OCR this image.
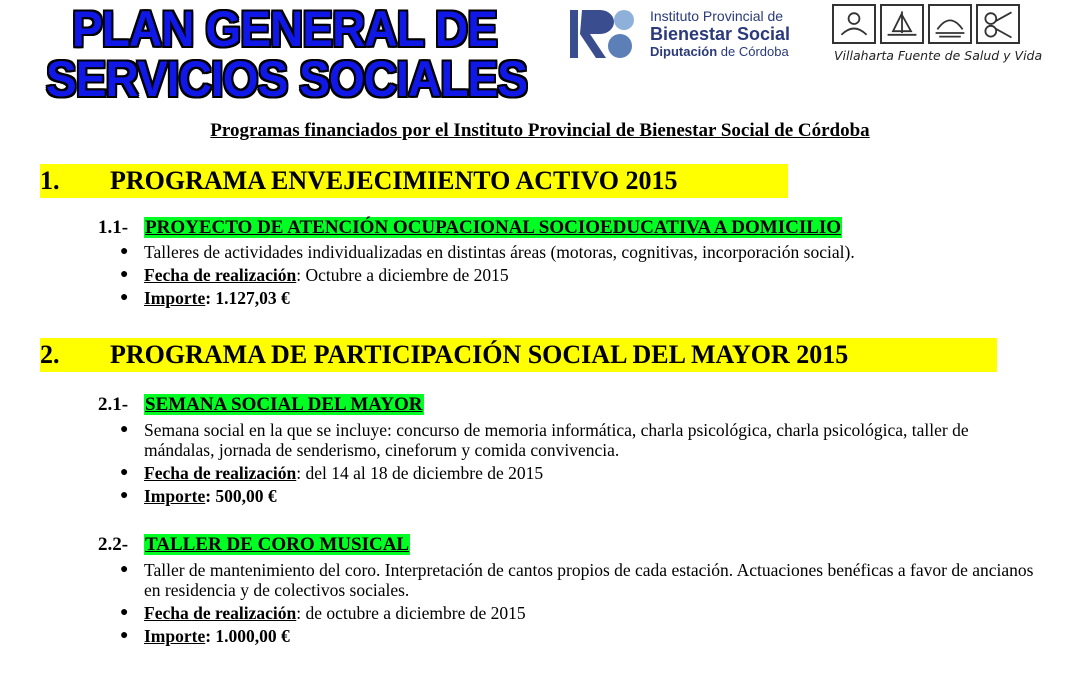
PLAN GENERAL DE
SERVICIOS SOCIALES
Instituto Provincial de
Bienestar Social
Diputación de Córdoba	Villaharta Fuente de Salud y Vida
Programas financiados por el Instituto Provincial de Bienestar Social de Córdoba
1. PROGRAMA ENVEJECIMIENTO ACTIVO 2015
1.1- PROYECTO DE ATENCIÓN OCUPACIONAL SOCIOEDUCATIVA A DOMICILIO
● Talleres de actividades individualizadas en distintas áreas (motoras, cognitivas, incorporación social).
● Fecha de realización: Octubre a diciembre de 2015
● Importe: 1.127,03 €
2. PROGRAMA DE PARTICIPACIÓN SOCIAL DEL MAYOR 2015
2.1- SEMANA SOCIAL DEL MAYOR
● Semana social en la que se incluye: concurso de memoria informática, charla psicológica, charla psicológica, taller de mándalas, jornada de senderismo, cineforum y comida convivencia.
● Fecha de realización: del 14 al 18 de diciembre de 2015
● Importe: 500,00 €
2.2- TALLER DE CORO MUSICAL
● Taller de mantenimiento del coro. Interpretación de cantos propios de cada estación. Actuaciones benéficas a favor de ancianos en residencia y de colectivos sociales.
● Fecha de realización: de octubre a diciembre de 2015
● Importe: 1.000,00 €
